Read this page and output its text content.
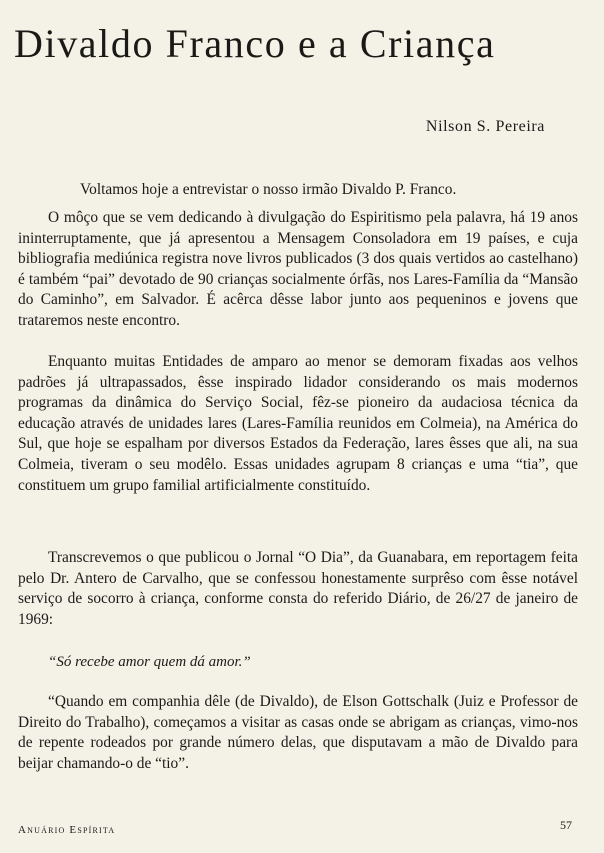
Divaldo Franco e a Criança
Nilson S. Pereira

Voltamos hoje a entrevistar o nosso irmão Divaldo P. Franco.

O môço que se vem dedicando à divulgação do Espiritismo pela palavra, há 19 anos ininterruptamente, que já apresentou a Mensagem Consoladora em 19 países, e cuja bibliografia mediúnica registra nove livros publicados (3 dos quais vertidos ao castelhano) é também “pai” devotado de 90 crianças socialmente órfãs, nos Lares-Família da “Mansão do Caminho”, em Salvador. É acêrca dêsse labor junto aos pequeninos e jovens que trataremos neste encontro.

Enquanto muitas Entidades de amparo ao menor se demoram fixadas aos velhos padrões já ultrapassados, êsse inspirado lidador considerando os mais modernos programas da dinâmica do Serviço Social, fêz-se pioneiro da audaciosa técnica da educação através de unidades lares (Lares-Família reunidos em Colmeia), na América do Sul, que hoje se espalham por diversos Estados da Federação, lares êsses que ali, na sua Colmeia, tiveram o seu modêlo. Essas unidades agrupam 8 crianças e uma “tia”, que constituem um grupo familial artificialmente constituído.

Transcrevemos o que publicou o Jornal “O Dia”, da Guanabara, em reportagem feita pelo Dr. Antero de Carvalho, que se confessou honestamente surprêso com êsse notável serviço de socorro à criança, conforme consta do referido Diário, de 26/27 de janeiro de 1969:

“Só recebe amor quem dá amor.”

“Quando em companhia dêle (de Divaldo), de Elson Gottschalk (Juiz e Professor de Direito do Trabalho), começamos a visitar as casas onde se abrigam as crianças, vimo-nos de repente rodeados por grande número delas, que disputavam a mão de Divaldo para beijar chamando-o de “tio”.

Anuário Espírita	57
